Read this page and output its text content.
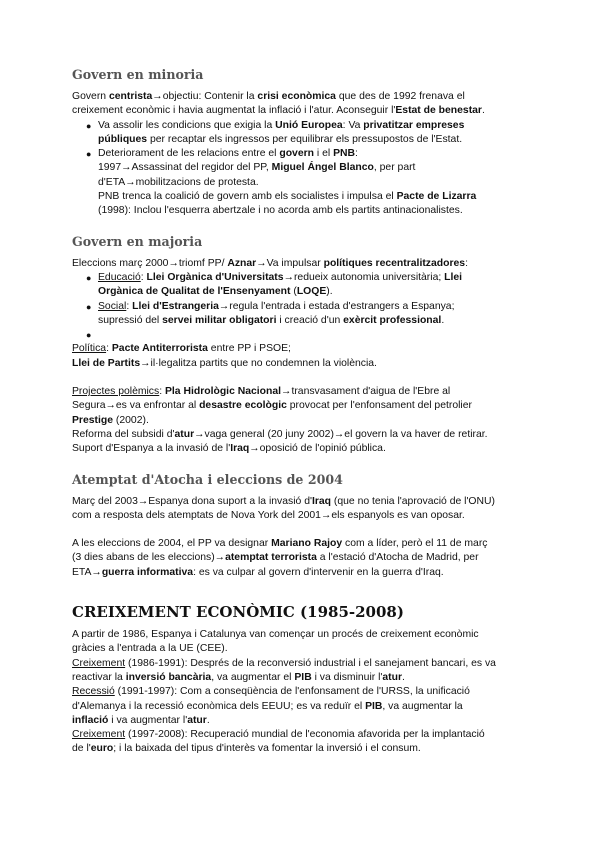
Govern en minoria

Govern centrista→objectiu: Contenir la crisi econòmica que des de 1992 frenava el

creixement econòmic i havia augmentat la inflació i l'atur. Aconseguir l'Estat de benestar.

● Va assolir les condicions que exigia la Unió Europea: Va privatitzar empreses
públiques per recaptar els ingressos per equilibrar els pressupostos de l'Estat.
● Deteriorament de les relacions entre el govern i el PNB:
1997→Assassinat del regidor del PP, Miguel Ángel Blanco, per part
d'ETA→mobilitzacions de protesta.
PNB trenca la coalició de govern amb els socialistes i impulsa el Pacte de Lizarra
(1998): Inclou l'esquerra abertzale i no acorda amb els partits antinacionalistes.
Govern en majoria

Eleccions març 2000→triomf PP/ Aznar→Va impulsar polítiques recentralitzadores:

● Educació: Llei Orgànica d'Universitats→redueix autonomia universitària; Llei
Orgànica de Qualitat de l'Ensenyament (LOQE).
● Social: Llei d'Estrangeria→regula l'entrada i estada d'estrangers a Espanya;
supressió del servei militar obligatori i creació d'un exèrcit professional.
●

Política: Pacte Antiterrorista entre PP i PSOE;

Llei de Partits→il·legalitza partits que no condemnen la violència.

Projectes polèmics: Pla Hidrològic Nacional→transvasament d'aigua de l'Ebre al

Segura→es va enfrontar al desastre ecològic provocat per l'enfonsament del petrolier

Prestige (2002).

Reforma del subsidi d'atur→vaga general (20 juny 2002)→el govern la va haver de retirar.

Suport d'Espanya a la invasió de l'Iraq→oposició de l'opinió pública.

Atemptat d'Atocha i eleccions de 2004

Març del 2003→Espanya dona suport a la invasió d'Iraq (que no tenia l'aprovació de l'ONU)

com a resposta dels atemptats de Nova York del 2001→els espanyols es van oposar.

A les eleccions de 2004, el PP va designar Mariano Rajoy com a líder, però el 11 de març

(3 dies abans de les eleccions)→atemptat terrorista a l'estació d'Atocha de Madrid, per

ETA→guerra informativa: es va culpar al govern d'intervenir en la guerra d'Iraq.

CREIXEMENT ECONÒMIC (1985-2008)

A partir de 1986, Espanya i Catalunya van començar un procés de creixement econòmic

gràcies a l'entrada a la UE (CEE).

Creixement (1986-1991): Després de la reconversió industrial i el sanejament bancari, es va

reactivar la inversió bancària, va augmentar el PIB i va disminuir l'atur.

Recessió (1991-1997): Com a conseqüència de l'enfonsament de l'URSS, la unificació

d'Alemanya i la recessió econòmica dels EEUU; es va reduïr el PIB, va augmentar la

inflació i va augmentar l'atur.

Creixement (1997-2008): Recuperació mundial de l'economia afavorida per la implantació

de l'euro; i la baixada del tipus d'interès va fomentar la inversió i el consum.
